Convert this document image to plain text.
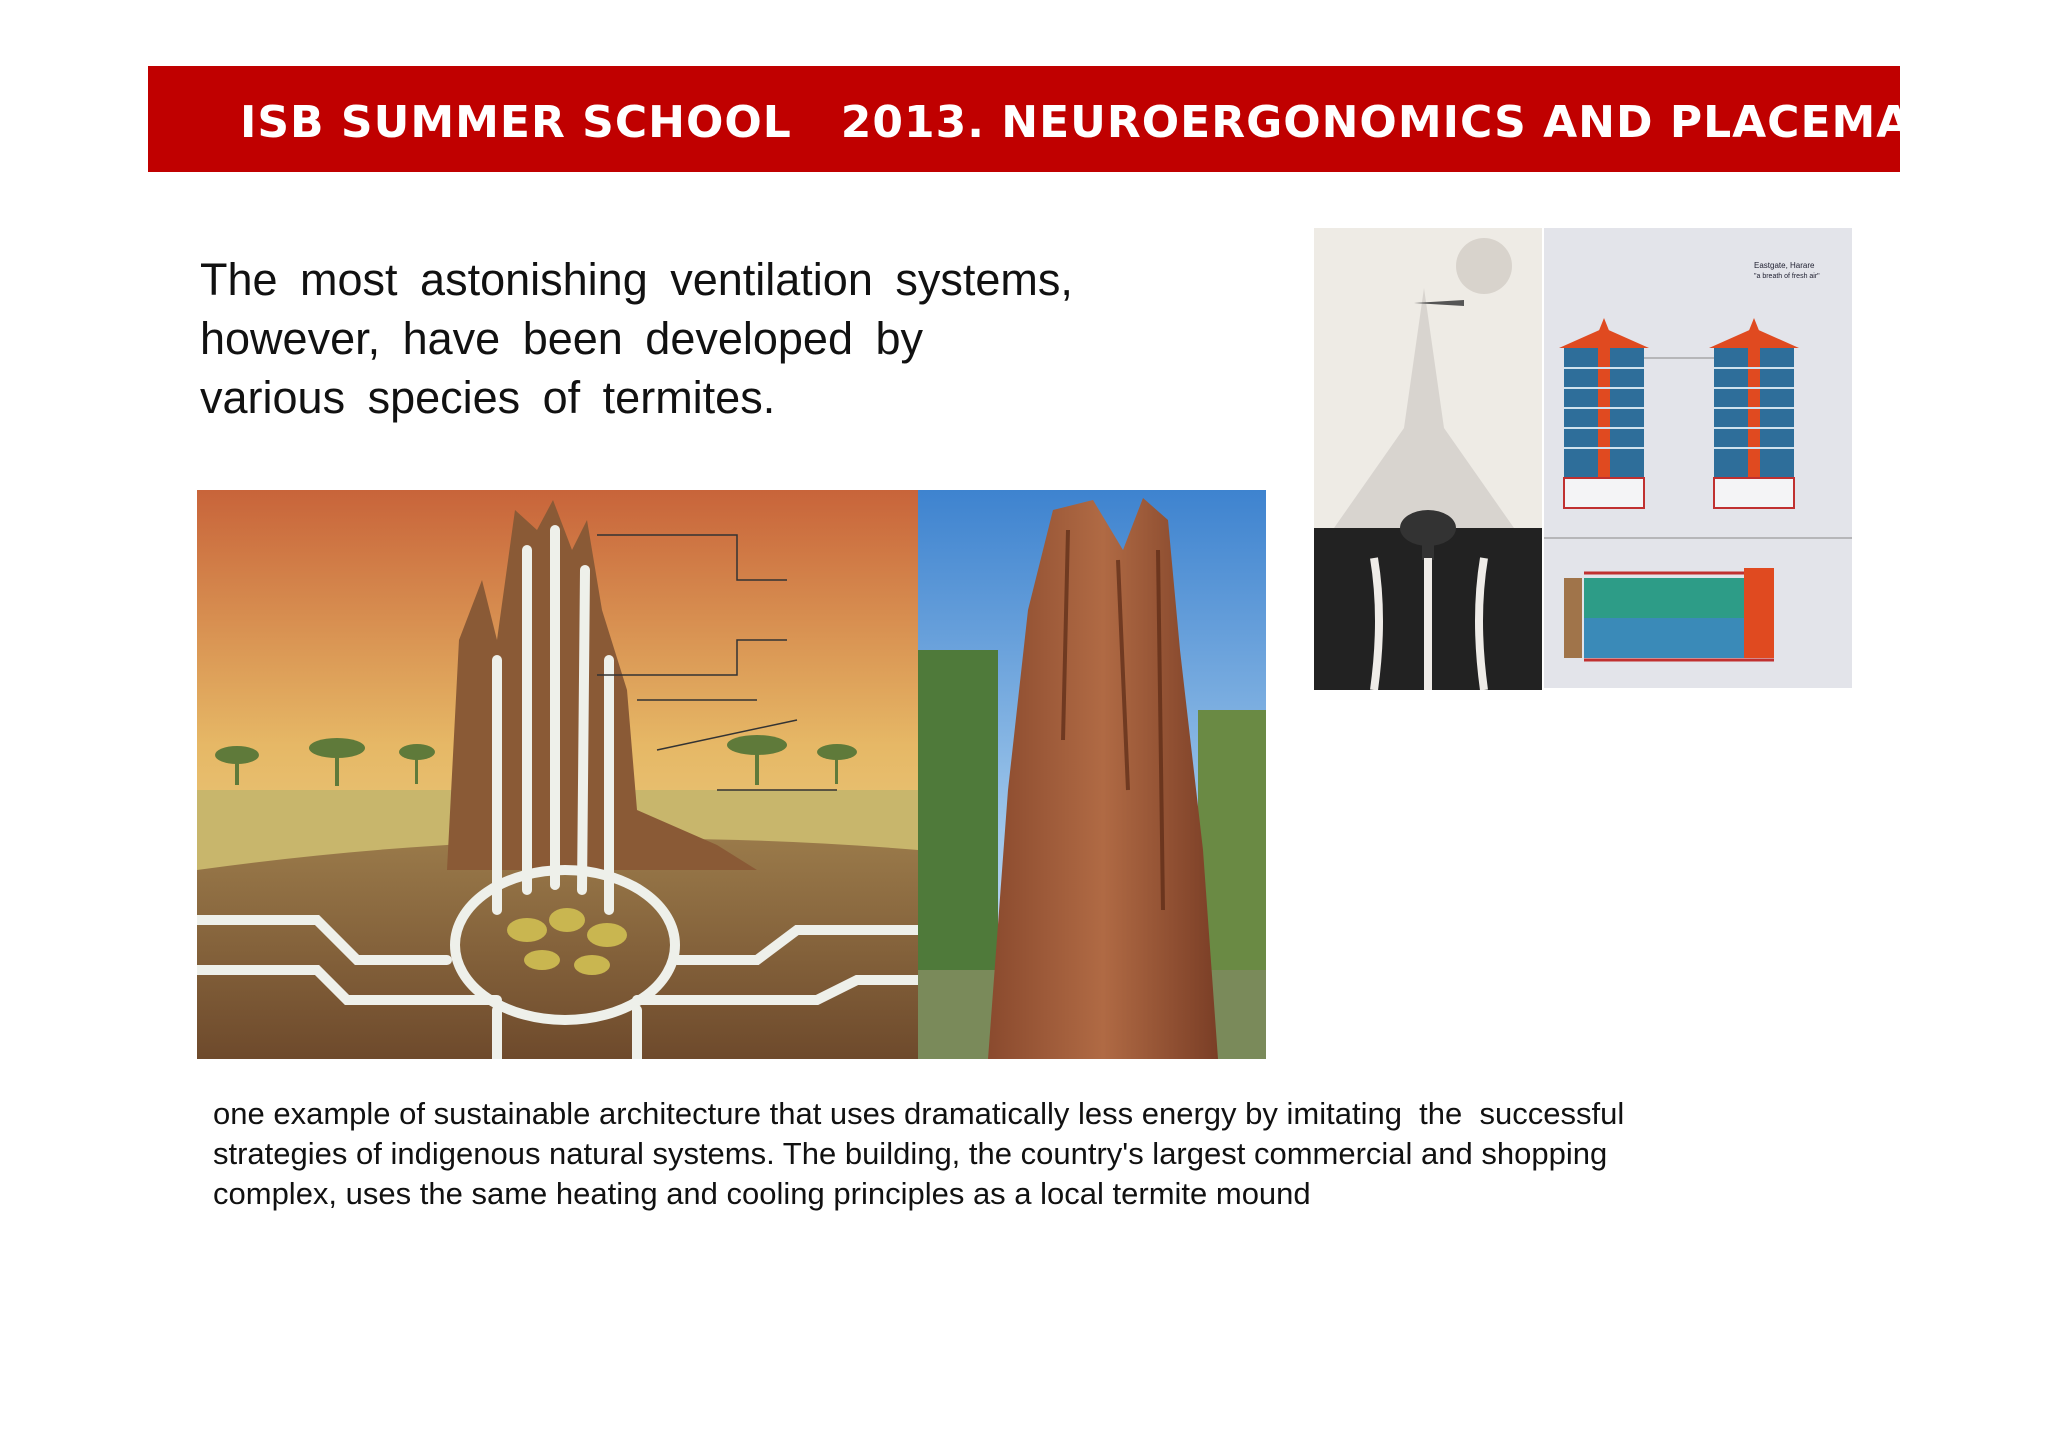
ISB SUMMER SCHOOL   2013. NEUROERGONOMICS AND PLACEMAKING
The most astonishing ventilation systems,
however, have been developed by
various species of termites.
Eastgate, Harare
"a breath of fresh air"
one example of sustainable architecture that uses dramatically less energy by imitating  the  successful
strategies of indigenous natural systems. The building, the country's largest commercial and shopping
complex, uses the same heating and cooling principles as a local termite mound
